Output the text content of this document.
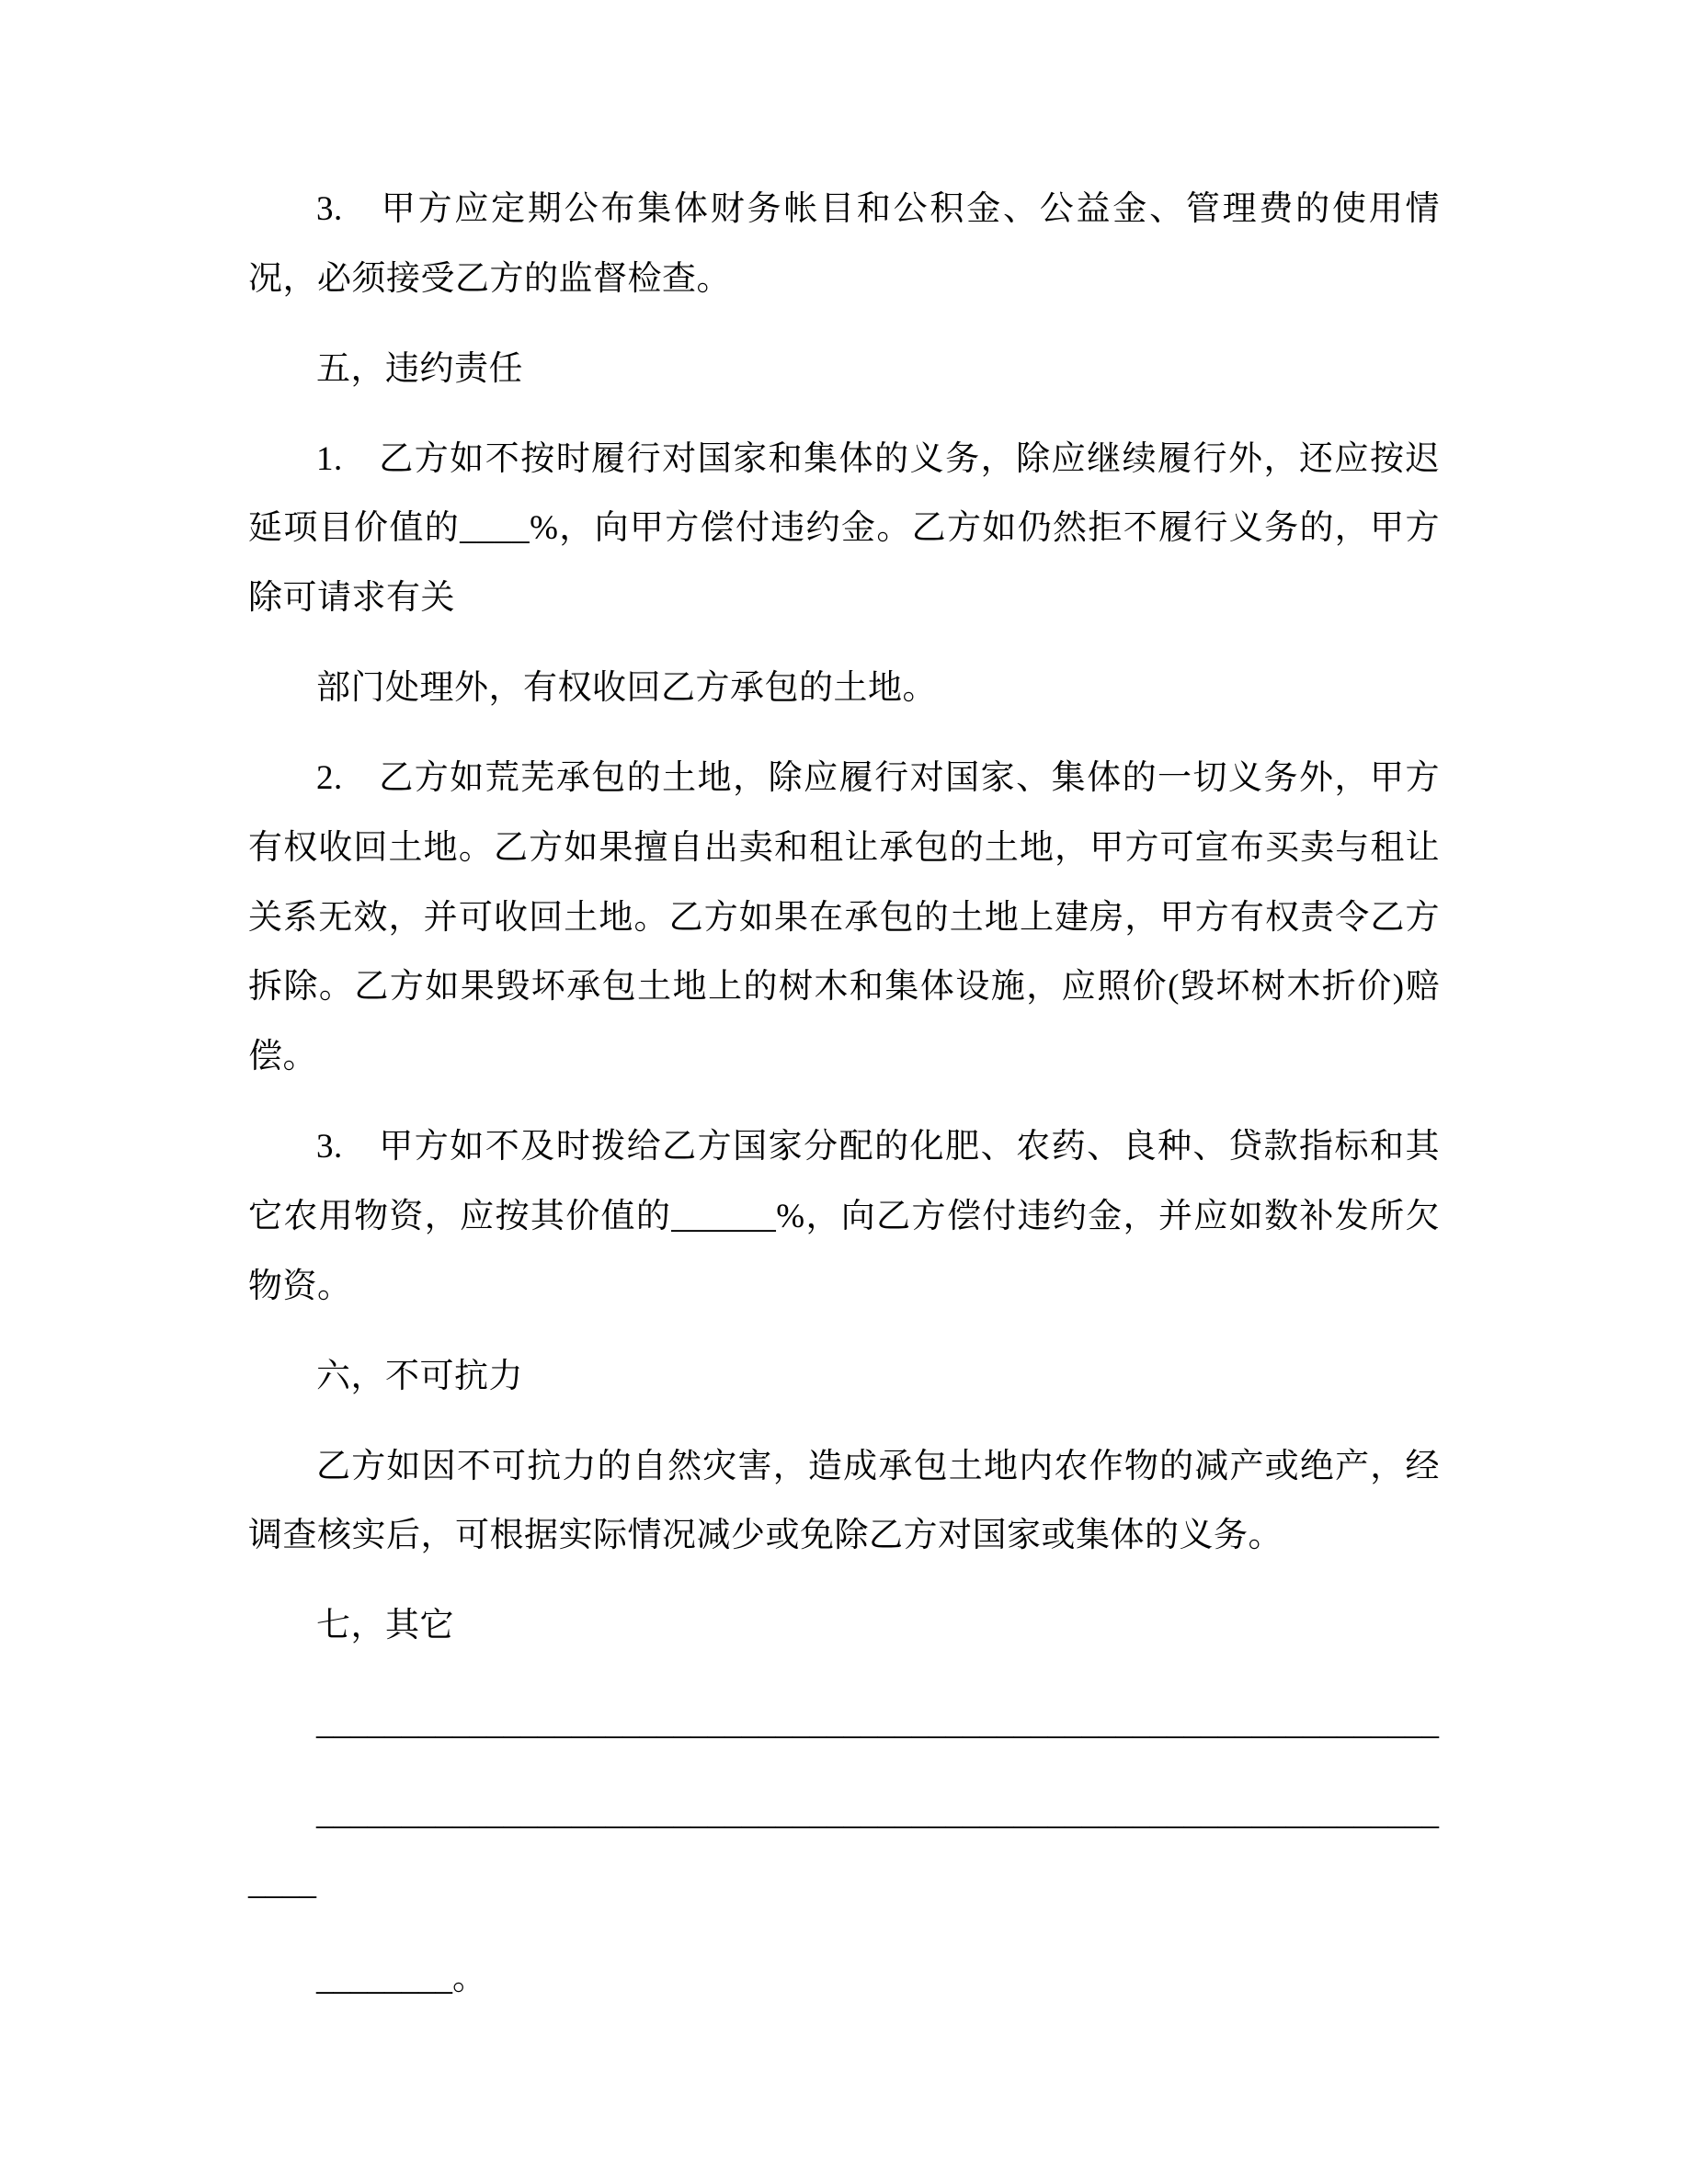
3.　甲方应定期公布集体财务帐目和公积金、公益金、管理费的使用情况，必须接受乙方的监督检查。

五，违约责任

1.　乙方如不按时履行对国家和集体的义务，除应继续履行外，还应按迟延项目价值的____%，向甲方偿付违约金。乙方如仍然拒不履行义务的，甲方除可请求有关

部门处理外，有权收回乙方承包的土地。

2.　乙方如荒芜承包的土地，除应履行对国家、集体的一切义务外，甲方有权收回土地。乙方如果擅自出卖和租让承包的土地，甲方可宣布买卖与租让关系无效，并可收回土地。乙方如果在承包的土地上建房，甲方有权责令乙方拆除。乙方如果毁坏承包土地上的树木和集体设施，应照价(毁坏树木折价)赔偿。

3.　甲方如不及时拨给乙方国家分配的化肥、农药、良种、贷款指标和其它农用物资，应按其价值的______%，向乙方偿付违约金，并应如数补发所欠物资。

六，不可抗力

乙方如因不可抗力的自然灾害，造成承包土地内农作物的减产或绝产，经调查核实后，可根据实际情况减少或免除乙方对国家或集体的义务。

七，其它

__________________________________________________________________

______________________________________________________________________

________。
